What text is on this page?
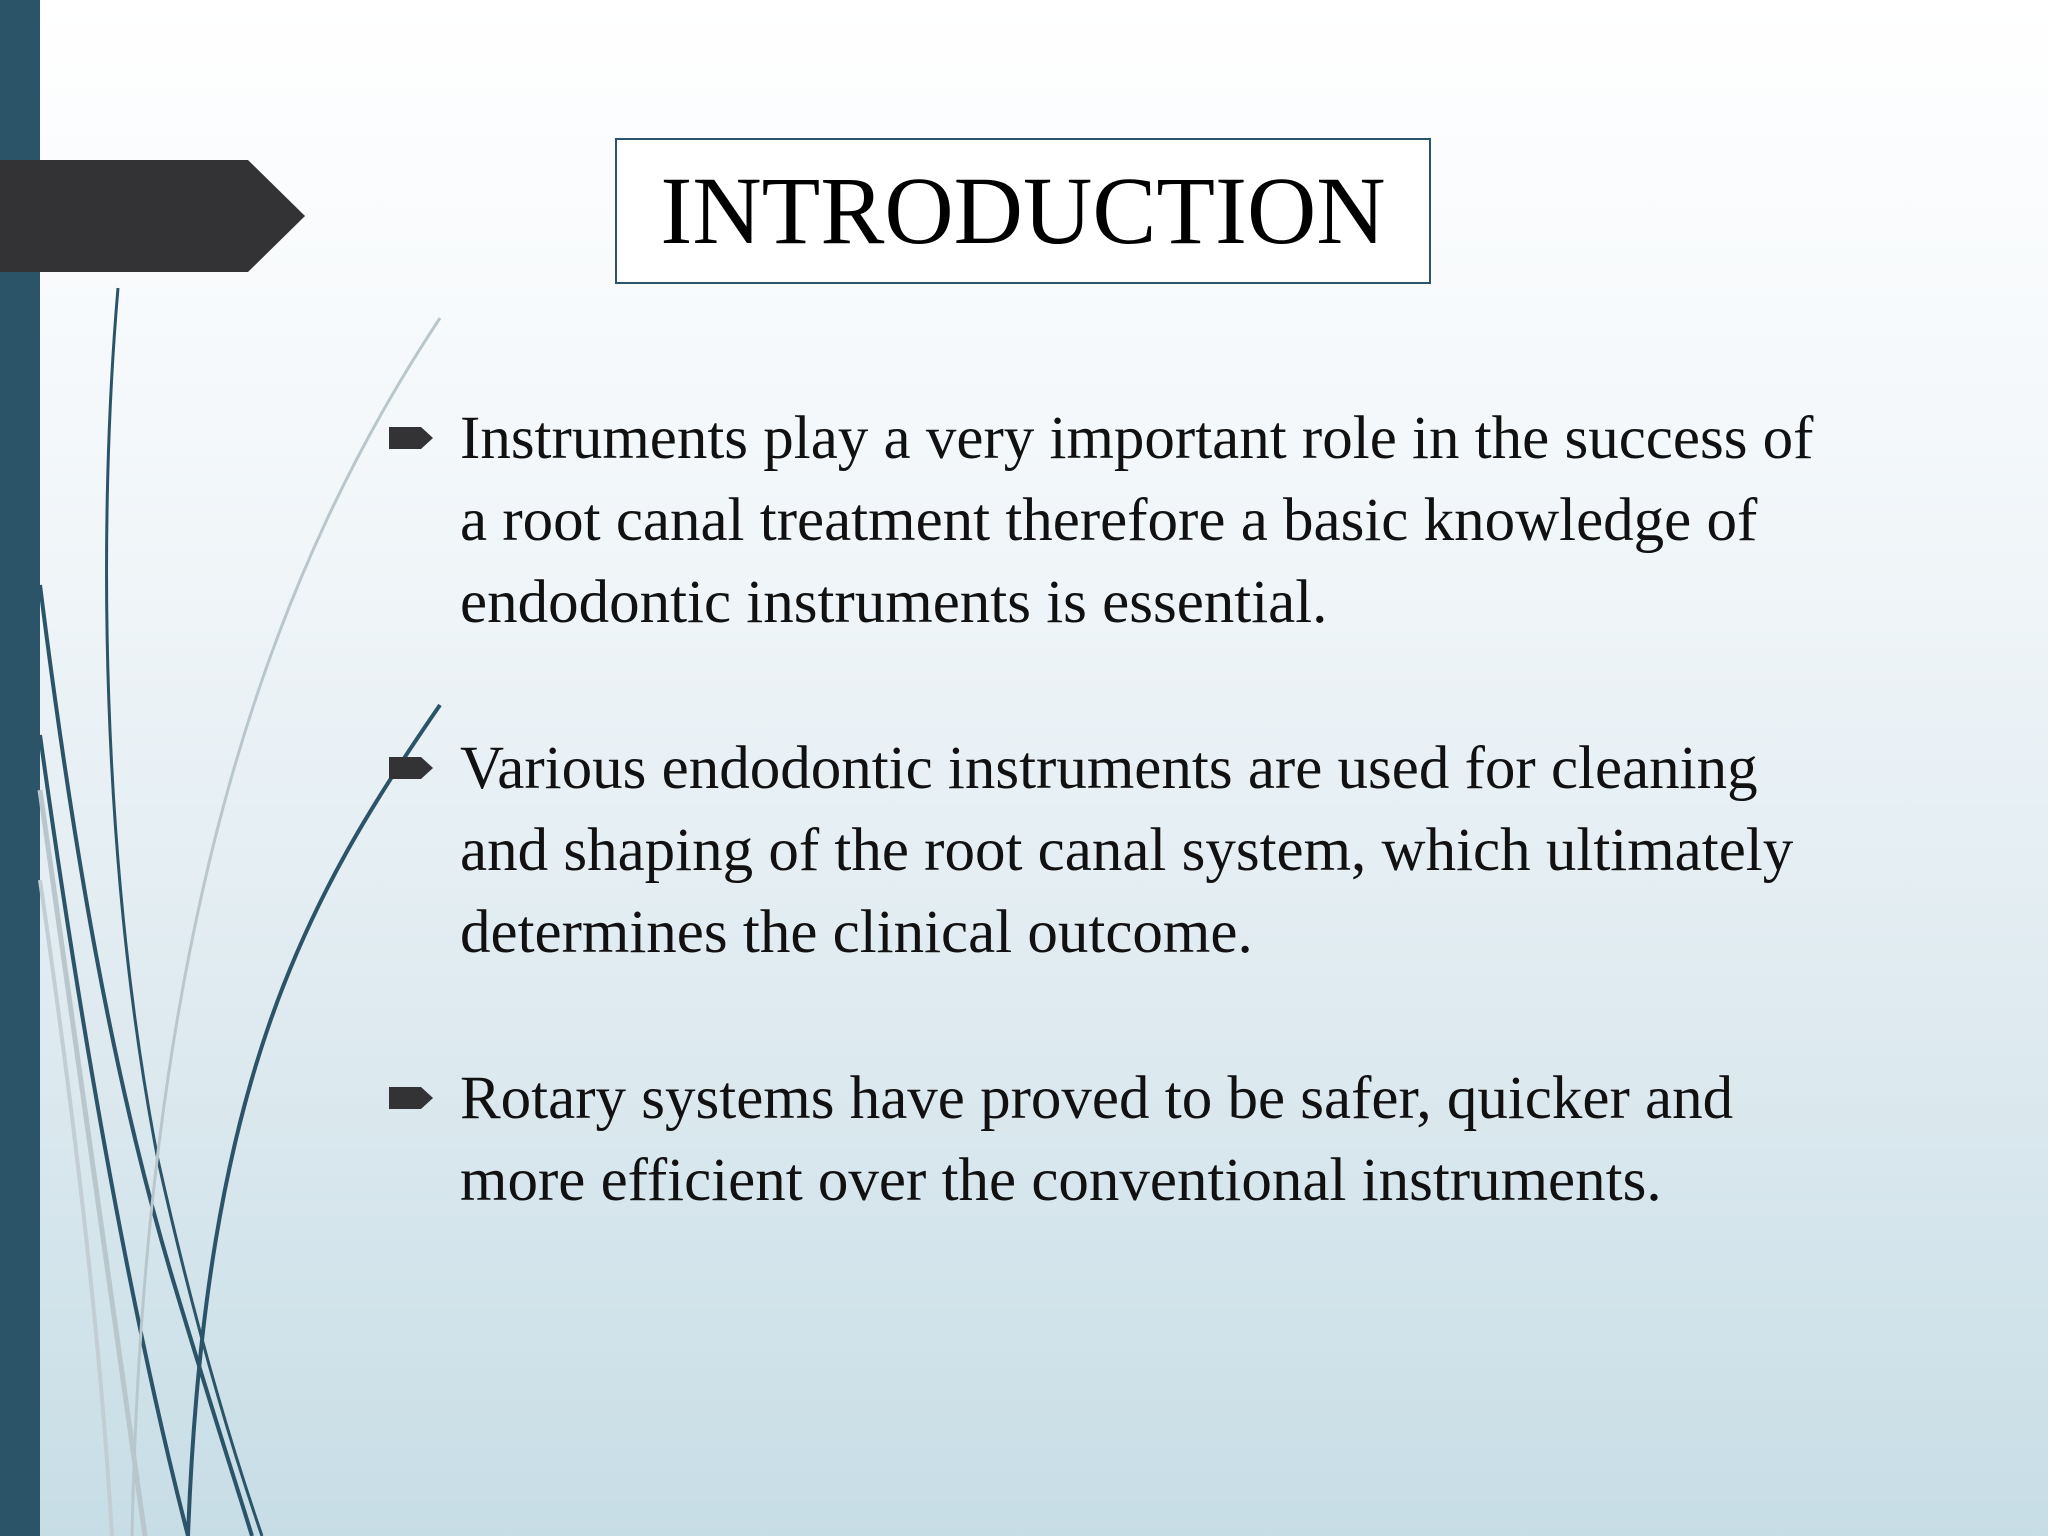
INTRODUCTION
Instruments play a very important role in the success of a root canal treatment therefore a basic knowledge of endodontic instruments is essential.
Various endodontic instruments are used for cleaning and shaping of the root canal system, which ultimately determines the clinical outcome.
Rotary systems have proved to be safer, quicker and more efficient over the conventional instruments.
